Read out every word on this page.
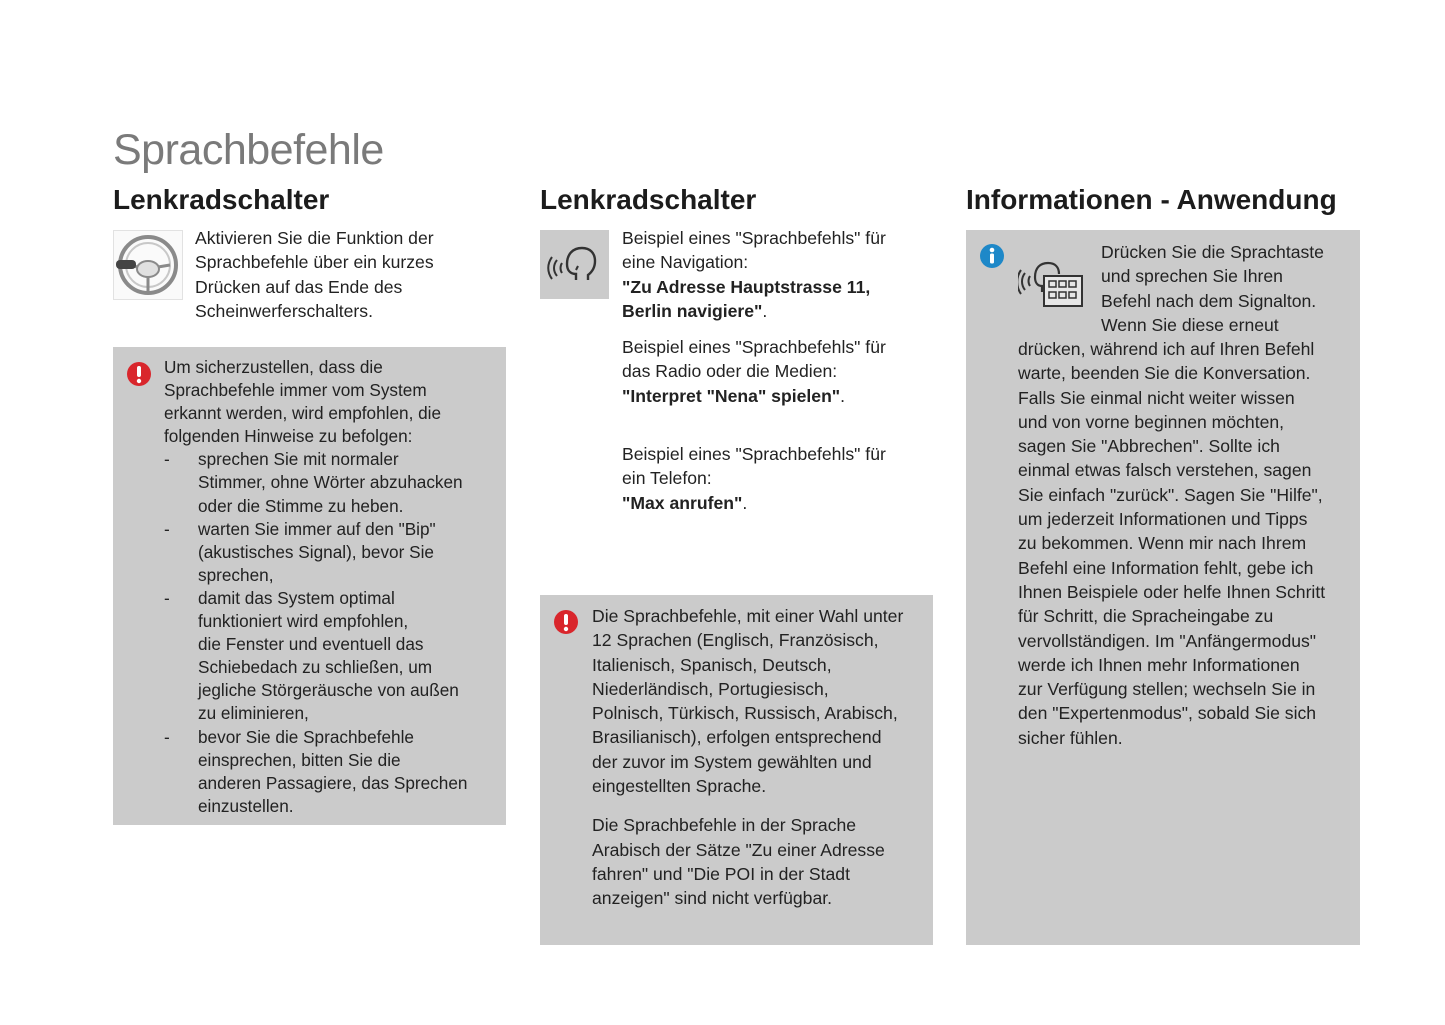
Sprachbefehle
Lenkradschalter
Aktivieren Sie die Funktion der
Sprachbefehle über ein kurzes
Drücken auf das Ende des
Scheinwerferschalters.
Um sicherzustellen, dass die
Sprachbefehle immer vom System
erkannt werden, wird empfohlen, die
folgenden Hinweise zu befolgen:
- sprechen Sie mit normaler
Stimmer, ohne Wörter abzuhacken
oder die Stimme zu heben.
- warten Sie immer auf den "Bip"
(akustisches Signal), bevor Sie
sprechen,
- damit das System optimal
funktioniert wird empfohlen,
die Fenster und eventuell das
Schiebedach zu schließen, um
jegliche Störgeräusche von außen
zu eliminieren,
- bevor Sie die Sprachbefehle
einsprechen, bitten Sie die
anderen Passagiere, das Sprechen
einzustellen.
Lenkradschalter
Beispiel eines "Sprachbefehls" für
eine Navigation:
"Zu Adresse Hauptstrasse 11,
Berlin navigiere".
Beispiel eines "Sprachbefehls" für
das Radio oder die Medien:
"Interpret "Nena" spielen".
Beispiel eines "Sprachbefehls" für
ein Telefon:
"Max anrufen".
Die Sprachbefehle, mit einer Wahl unter
12 Sprachen (Englisch, Französisch,
Italienisch, Spanisch, Deutsch,
Niederländisch, Portugiesisch,
Polnisch, Türkisch, Russisch, Arabisch,
Brasilianisch), erfolgen entsprechend
der zuvor im System gewählten und
eingestellten Sprache.
Die Sprachbefehle in der Sprache
Arabisch der Sätze "Zu einer Adresse
fahren" und "Die POI in der Stadt
anzeigen" sind nicht verfügbar.
Informationen - Anwendung
Drücken Sie die Sprachtaste
und sprechen Sie Ihren
Befehl nach dem Signalton.
Wenn Sie diese erneut
drücken, während ich auf Ihren Befehl
warte, beenden Sie die Konversation.
Falls Sie einmal nicht weiter wissen
und von vorne beginnen möchten,
sagen Sie "Abbrechen". Sollte ich
einmal etwas falsch verstehen, sagen
Sie einfach "zurück". Sagen Sie "Hilfe",
um jederzeit Informationen und Tipps
zu bekommen. Wenn mir nach Ihrem
Befehl eine Information fehlt, gebe ich
Ihnen Beispiele oder helfe Ihnen Schritt
für Schritt, die Spracheingabe zu
vervollständigen. Im "Anfängermodus"
werde ich Ihnen mehr Informationen
zur Verfügung stellen; wechseln Sie in
den "Expertenmodus", sobald Sie sich
sicher fühlen.
